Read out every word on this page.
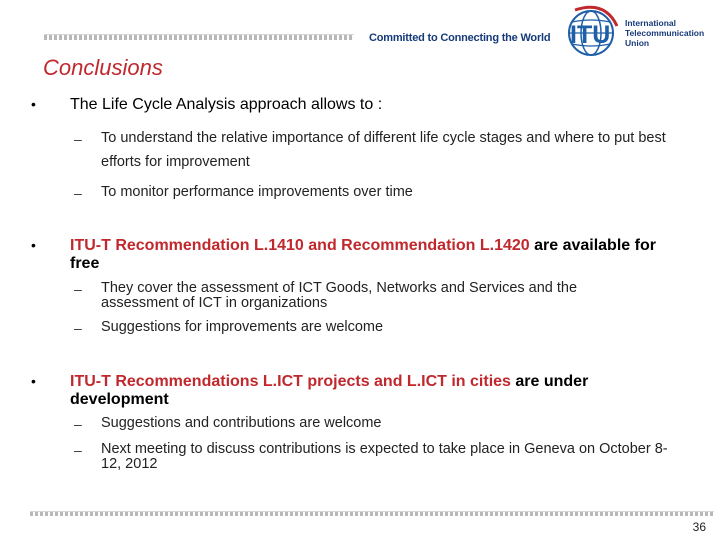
Committed to Connecting the World ITU International
Telecommunication
Union
Conclusions
• The Life Cycle Analysis approach allows to :
– To understand the relative importance of different life cycle stages and where to put best efforts for improvement
– To monitor performance improvements over time
• ITU-T Recommendation L.1410 and Recommendation L.1420 are available for free
– They cover the assessment of ICT Goods, Networks and Services and the assessment of ICT in organizations
– Suggestions for improvements are welcome
• ITU-T Recommendations L.ICT projects and L.ICT in cities are under development
– Suggestions and contributions are welcome
– Next meeting to discuss contributions is expected to take place in Geneva on October 8-12, 2012
36
